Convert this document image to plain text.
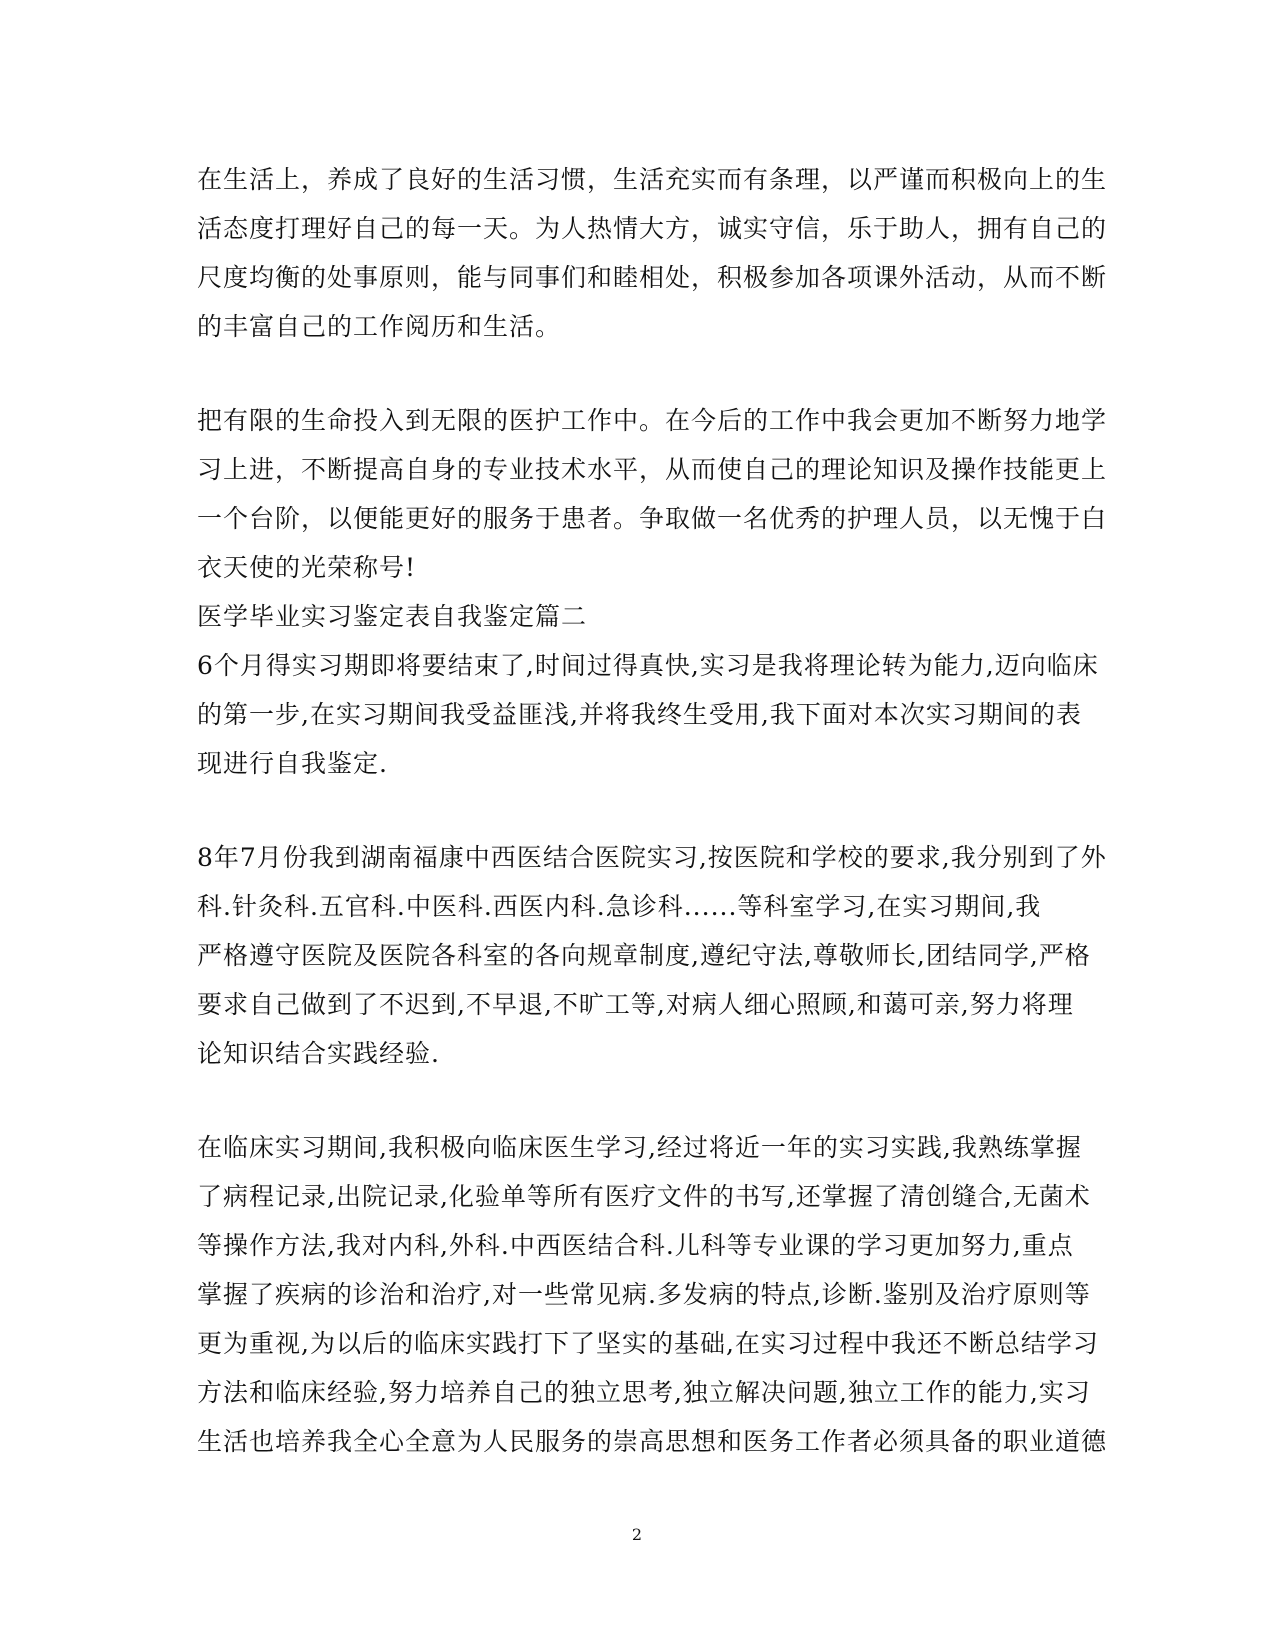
在生活上，养成了良好的生活习惯，生活充实而有条理，以严谨而积极向上的生
活态度打理好自己的每一天。为人热情大方，诚实守信，乐于助人，拥有自己的
尺度均衡的处事原则，能与同事们和睦相处，积极参加各项课外活动，从而不断
的丰富自己的工作阅历和生活。
把有限的生命投入到无限的医护工作中。在今后的工作中我会更加不断努力地学
习上进，不断提高自身的专业技术水平，从而使自己的理论知识及操作技能更上
一个台阶，以便能更好的服务于患者。争取做一名优秀的护理人员，以无愧于白
衣天使的光荣称号!
医学毕业实习鉴定表自我鉴定篇二
6个月得实习期即将要结束了,时间过得真快,实习是我将理论转为能力,迈向临床
的第一步,在实习期间我受益匪浅,并将我终生受用,我下面对本次实习期间的表
现进行自我鉴定.
8年7月份我到湖南福康中西医结合医院实习,按医院和学校的要求,我分别到了外
科.针灸科.五官科.中医科.西医内科.急诊科......等科室学习,在实习期间,我
严格遵守医院及医院各科室的各向规章制度,遵纪守法,尊敬师长,团结同学,严格
要求自己做到了不迟到,不早退,不旷工等,对病人细心照顾,和蔼可亲,努力将理
论知识结合实践经验.
在临床实习期间,我积极向临床医生学习,经过将近一年的实习实践,我熟练掌握
了病程记录,出院记录,化验单等所有医疗文件的书写,还掌握了清创缝合,无菌术
等操作方法,我对内科,外科.中西医结合科.儿科等专业课的学习更加努力,重点
掌握了疾病的诊治和治疗,对一些常见病.多发病的特点,诊断.鉴别及治疗原则等
更为重视,为以后的临床实践打下了坚实的基础,在实习过程中我还不断总结学习
方法和临床经验,努力培养自己的独立思考,独立解决问题,独立工作的能力,实习
生活也培养我全心全意为人民服务的崇高思想和医务工作者必须具备的职业道德
2
